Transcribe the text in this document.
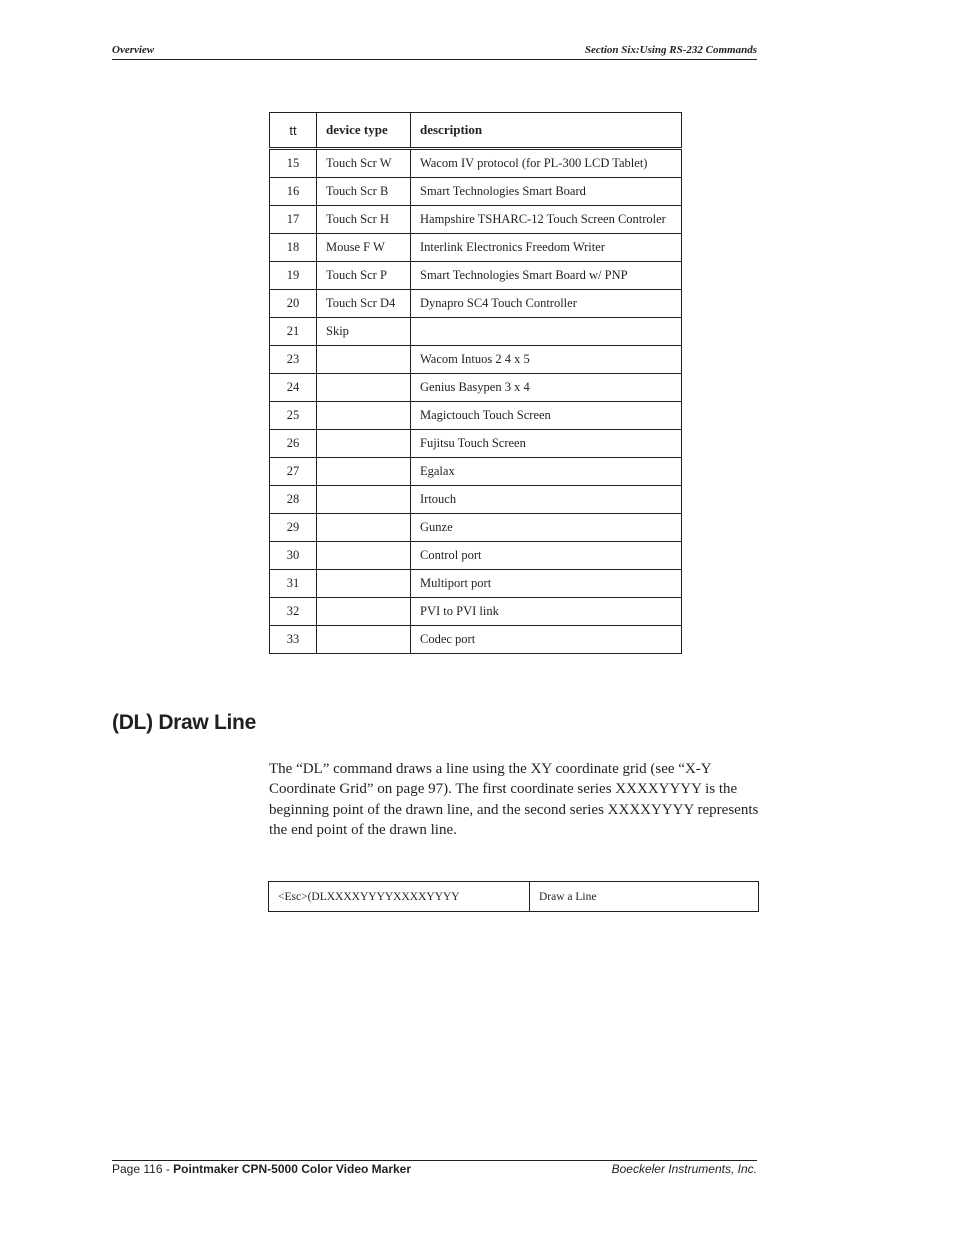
Overview	Section Six:Using RS-232 Commands
tt	device type	description
15	Touch Scr W	Wacom IV protocol (for PL-300 LCD Tablet)
16	Touch Scr B	Smart Technologies Smart Board
17	Touch Scr H	Hampshire TSHARC-12 Touch Screen Controler
18	Mouse F W	Interlink Electronics Freedom Writer
19	Touch Scr P	Smart Technologies Smart Board w/ PNP
20	Touch Scr D4	Dynapro SC4 Touch Controller
21	Skip	
23		Wacom Intuos 2 4 x 5
24		Genius Basypen 3 x 4
25		Magictouch Touch Screen
26		Fujitsu Touch Screen
27		Egalax
28		Irtouch
29		Gunze
30		Control port
31		Multiport port
32		PVI to PVI link
33		Codec port
(DL) Draw Line

The “DL” command draws a line using the XY coordinate grid (see “X-Y Coordinate Grid” on page 97). The first coordinate series XXXXYYYY is the beginning point of the drawn line, and the second series XXXXYYYY represents the end point of the drawn line.

<Esc>(DLXXXXYYYYXXXXYYYY	Draw a Line
Page 116 - Pointmaker CPN-5000 Color Video Marker	Boeckeler Instruments, Inc.
